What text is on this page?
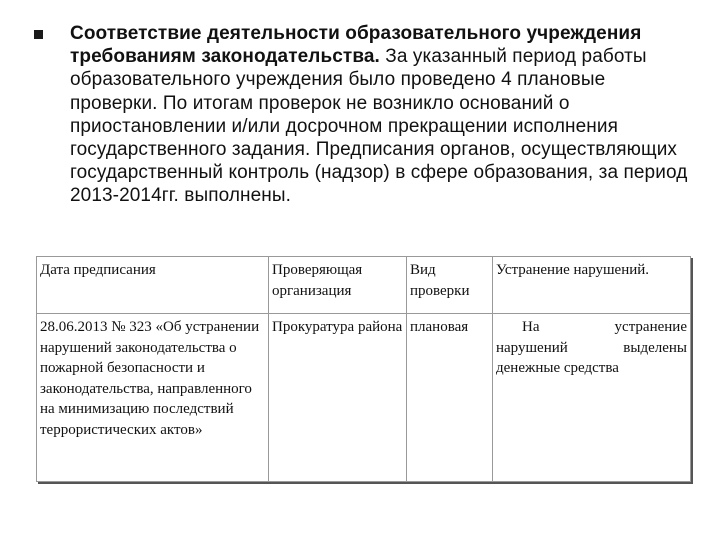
Соответствие деятельности образовательного учреждения требованиям законодательства. За указанный период работы образовательного учреждения было проведено 4 плановые проверки. По итогам проверок не возникло оснований о приостановлении и/или досрочном прекращении исполнения государственного задания. Предписания органов, осуществляющих государственный контроль (надзор) в сфере образования, за период 2013-2014гг. выполнены.
Дата предписания	Проверяющая организация	Вид проверки	Устранение нарушений.
28.06.2013 № 323 «Об устранении нарушений законодательства о пожарной безопасности и законодательства, направленного на минимизацию последствий террористических актов»	Прокуратура района	плановая	На устранение нарушений выделены денежные средства
